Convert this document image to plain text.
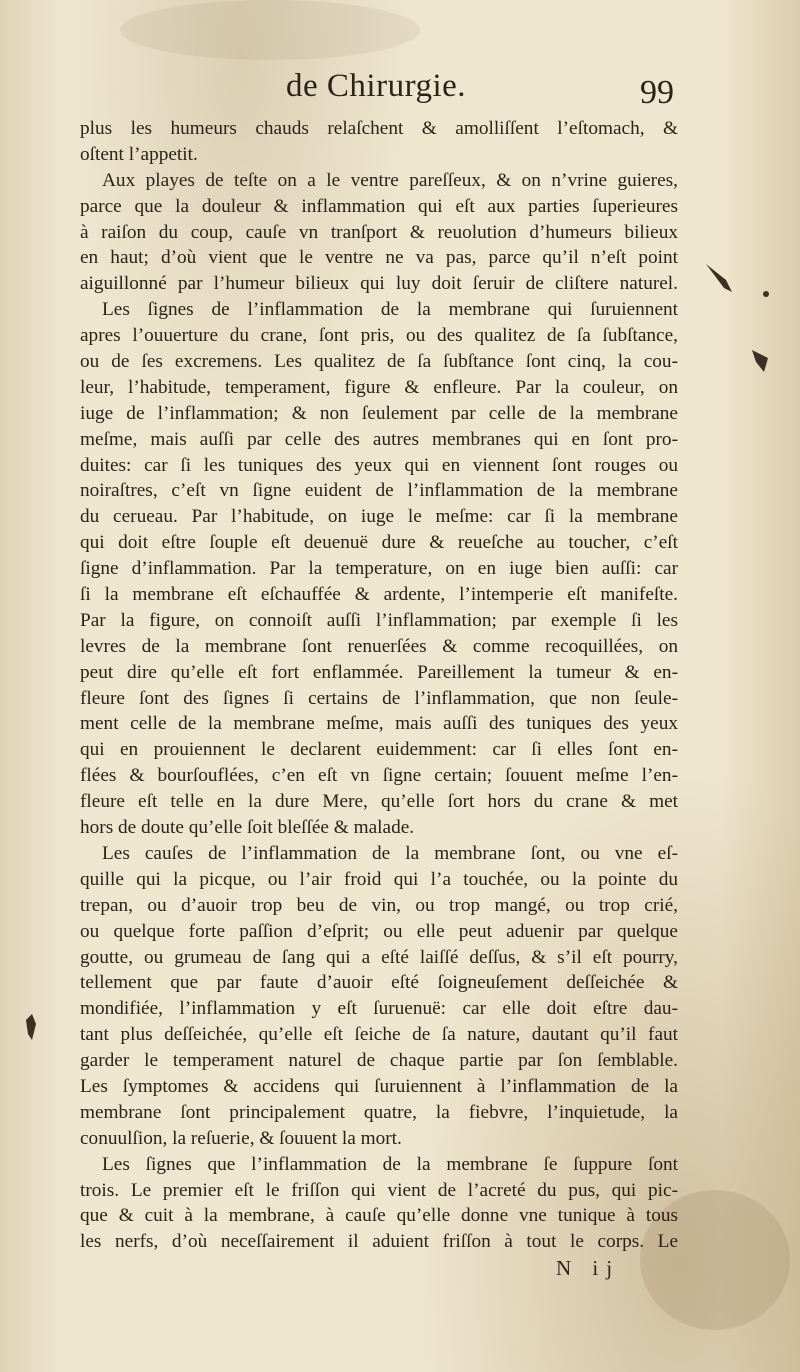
de Chirurgie.	99
plus les humeurs chauds relaſchent & amolliſſent l’eſtomach, &
oſtent l’appetit.
Aux playes de teſte on a le ventre pareſſeux, & on n’vrine guieres,
parce que la douleur & inflammation qui eſt aux parties ſuperieures
à raiſon du coup, cauſe vn tranſport & reuolution d’humeurs bilieux
en haut; d’où vient que le ventre ne va pas, parce qu’il n’eſt point
aiguillonné par l’humeur bilieux qui luy doit ſeruir de cliſtere naturel.
Les ſignes de l’inflammation de la membrane qui ſuruiennent
apres l’ouuerture du crane, ſont pris, ou des qualitez de ſa ſubſtance,
ou de ſes excremens. Les qualitez de ſa ſubſtance ſont cinq, la cou-
leur, l’habitude, temperament, figure & enfleure. Par la couleur, on
iuge de l’inflammation; & non ſeulement par celle de la membrane
meſme, mais auſſi par celle des autres membranes qui en ſont pro-
duites: car ſi les tuniques des yeux qui en viennent ſont rouges ou
noiraſtres, c’eſt vn ſigne euident de l’inflammation de la membrane
du cerueau. Par l’habitude, on iuge le meſme: car ſi la membrane
qui doit eſtre ſouple eſt deuenuë dure & reueſche au toucher, c’eſt
ſigne d’inflammation. Par la temperature, on en iuge bien auſſi: car
ſi la membrane eſt eſchauffée & ardente, l’intemperie eſt manifeſte.
Par la figure, on connoiſt auſſi l’inflammation; par exemple ſi les
levres de la membrane ſont renuerſées & comme recoquillées, on
peut dire qu’elle eſt fort enflammée. Pareillement la tumeur & en-
fleure ſont des ſignes ſi certains de l’inflammation, que non ſeule-
ment celle de la membrane meſme, mais auſſi des tuniques des yeux
qui en prouiennent le declarent euidemment: car ſi elles ſont en-
flées & bourſouflées, c’en eſt vn ſigne certain; ſouuent meſme l’en-
fleure eſt telle en la dure Mere, qu’elle ſort hors du crane & met
hors de doute qu’elle ſoit bleſſée & malade.
Les cauſes de l’inflammation de la membrane ſont, ou vne eſ-
quille qui la picque, ou l’air froid qui l’a touchée, ou la pointe du
trepan, ou d’auoir trop beu de vin, ou trop mangé, ou trop crié,
ou quelque forte paſſion d’eſprit; ou elle peut aduenir par quelque
goutte, ou grumeau de ſang qui a eſté laiſſé deſſus, & s’il eſt pourry,
tellement que par faute d’auoir eſté ſoigneuſement deſſeichée &
mondifiée, l’inflammation y eſt ſuruenuë: car elle doit eſtre dau-
tant plus deſſeichée, qu’elle eſt ſeiche de ſa nature, dautant qu’il faut
garder le temperament naturel de chaque partie par ſon ſemblable.
Les ſymptomes & accidens qui ſuruiennent à l’inflammation de la
membrane ſont principalement quatre, la fiebvre, l’inquietude, la
conuulſion, la reſuerie, & ſouuent la mort.
Les ſignes que l’inflammation de la membrane ſe ſuppure ſont
trois. Le premier eſt le friſſon qui vient de l’acreté du pus, qui pic-
que & cuit à la membrane, à cauſe qu’elle donne vne tunique à tous
les nerfs, d’où neceſſairement il aduient friſſon à tout le corps. Le
N ij
